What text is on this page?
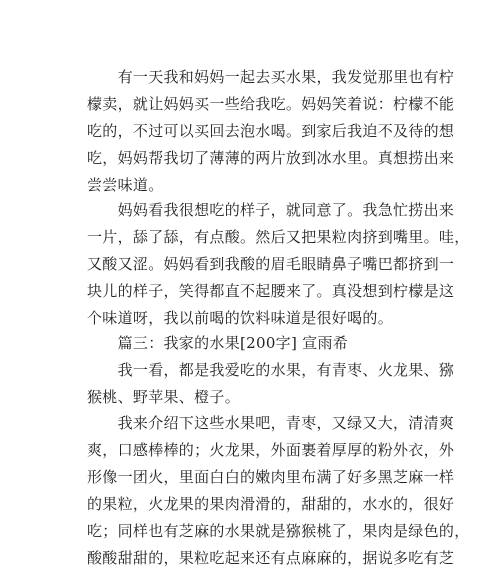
　　有一天我和妈妈一起去买水果，我发觉那里也有柠
檬卖，就让妈妈买一些给我吃。妈妈笑着说：柠檬不能
吃的，不过可以买回去泡水喝。到家后我迫不及待的想
吃，妈妈帮我切了薄薄的两片放到冰水里。真想捞出来
尝尝味道。
　　妈妈看我很想吃的样子，就同意了。我急忙捞出来
一片，舔了舔，有点酸。然后又把果粒肉挤到嘴里。哇，
又酸又涩。妈妈看到我酸的眉毛眼睛鼻子嘴巴都挤到一
块儿的样子，笑得都直不起腰来了。真没想到柠檬是这
个味道呀，我以前喝的饮料味道是很好喝的。
　　篇三：我家的水果[200字] 宣雨希
　　我一看，都是我爱吃的水果，有青枣、火龙果、猕
猴桃、野苹果、橙子。
　　我来介绍下这些水果吧，青枣，又绿又大，清清爽
爽，口感棒棒的；火龙果，外面裹着厚厚的粉外衣，外
形像一团火，里面白白的嫩肉里布满了好多黑芝麻一样
的果粒，火龙果的果肉滑滑的，甜甜的，水水的，很好
吃；同样也有芝麻的水果就是猕猴桃了，果肉是绿色的，
酸酸甜甜的，果粒吃起来还有点麻麻的，据说多吃有芝
